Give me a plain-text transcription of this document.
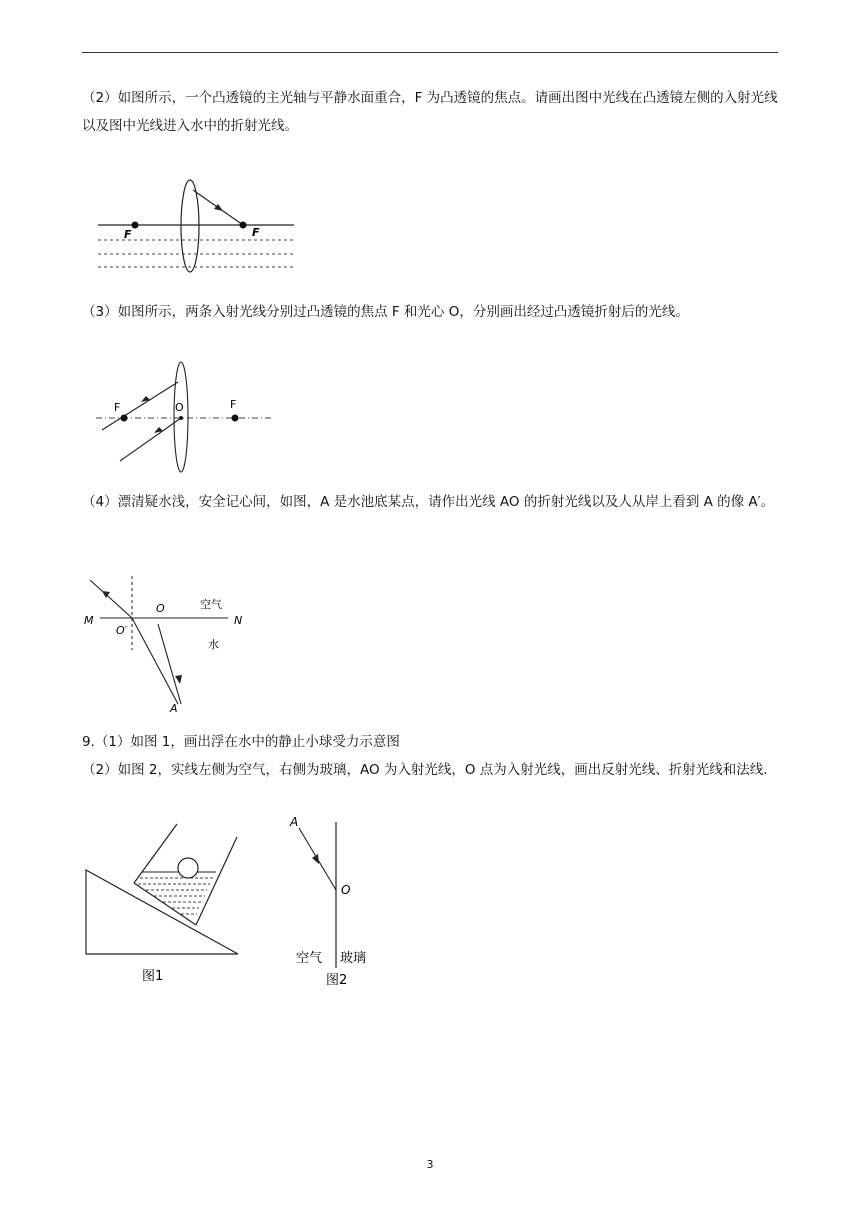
（2）如图所示，一个凸透镜的主光轴与平静水面重合，F 为凸透镜的焦点。请画出图中光线在凸透镜左侧的入射光线以及图中光线进入水中的折射光线。

F	F

（3）如图所示，两条入射光线分别过凸透镜的焦点 F 和光心 O，分别画出经过凸透镜折射后的光线。

F	O	F

（4）漂清疑水浅，安全记心间，如图，A 是水池底某点，请作出光线 AO 的折射光线以及人从岸上看到 A 的像 A′。

M	N
O
O′
A
空气
水

9.（1）如图 1，画出浮在水中的静止小球受力示意图

（2）如图 2，实线左侧为空气，右侧为玻璃，AO 为入射光线，O 点为入射光线，画出反射光线、折射光线和法线.

图1
A
O
空气 玻璃
图2
3
